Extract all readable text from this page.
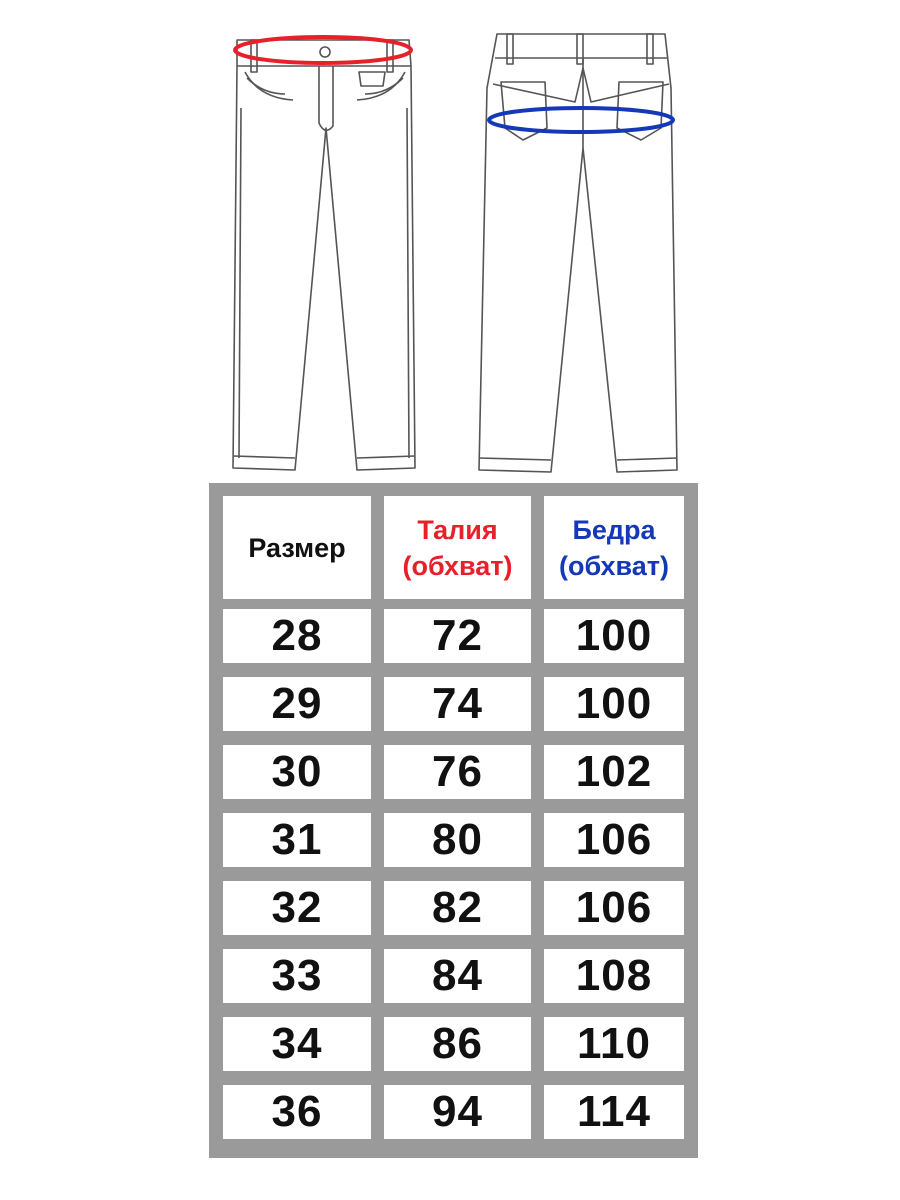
Размер
Талия
(обхват)
Бедра
(обхват)
28 72 100
29 74 100
30 76 102
31 80 106
32 82 106
33 84 108
34 86 110
36 94 114
